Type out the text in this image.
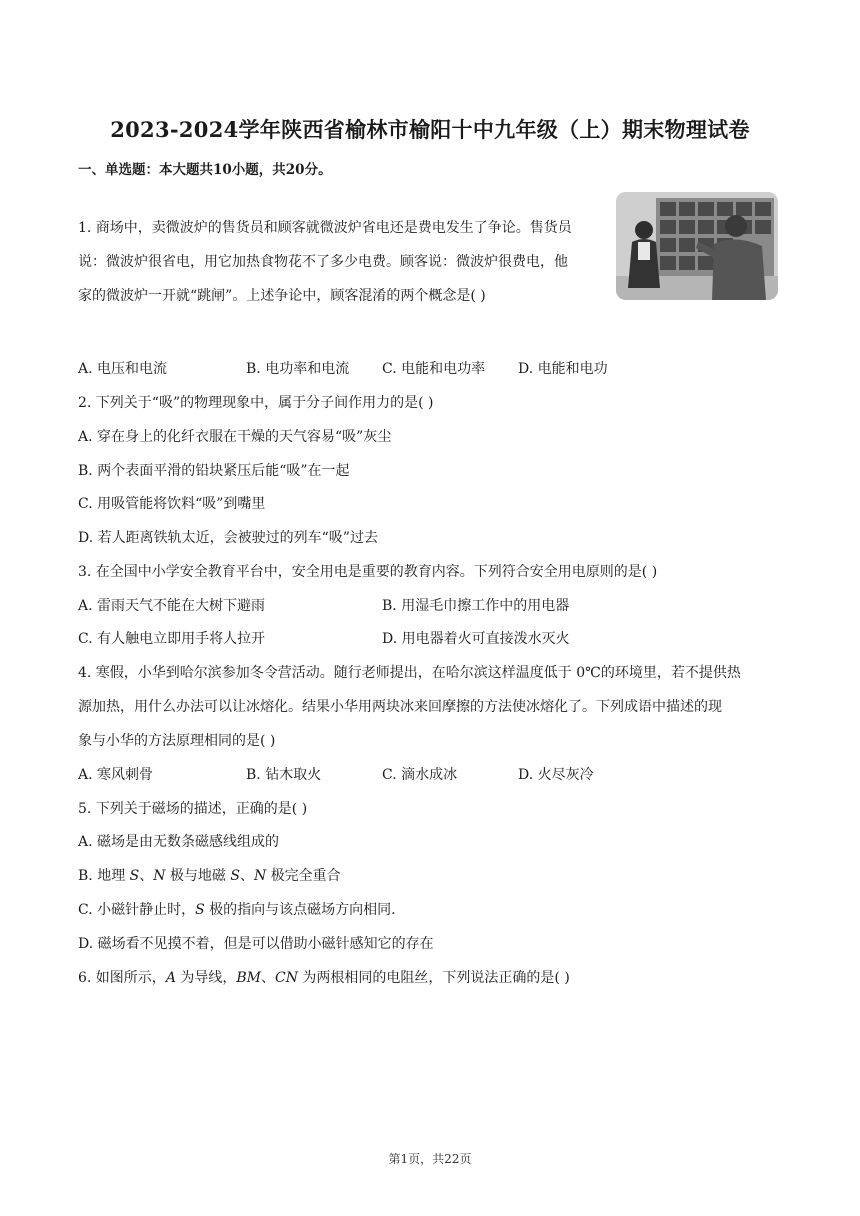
2023-2024学年陕西省榆林市榆阳十中九年级（上）期末物理试卷
一、单选题：本大题共10小题，共20分。
1. 商场中，卖微波炉的售货员和顾客就微波炉省电还是费电发生了争论。售货员
说：微波炉很省电，用它加热食物花不了多少电费。顾客说：微波炉很费电，他
家的微波炉一开就“跳闸”。上述争论中，顾客混淆的两个概念是( )
A. 电压和电流	B. 电功率和电流 C. 电能和电功率 D. 电能和电功
2. 下列关于“吸”的物理现象中，属于分子间作用力的是( )
A. 穿在身上的化纤衣服在干燥的天气容易“吸”灰尘
B. 两个表面平滑的铅块紧压后能“吸”在一起
C. 用吸管能将饮料“吸”到嘴里
D. 若人距离铁轨太近，会被驶过的列车“吸”过去
3. 在全国中小学安全教育平台中，安全用电是重要的教育内容。下列符合安全用电原则的是( )
A. 雷雨天气不能在大树下避雨	B. 用湿毛巾擦工作中的用电器
C. 有人触电立即用手将人拉开	D. 用电器着火可直接泼水灭火
4. 寒假，小华到哈尔滨参加冬令营活动。随行老师提出，在哈尔滨这样温度低于 0℃的环境里，若不提供热
源加热，用什么办法可以让冰熔化。结果小华用两块冰来回摩擦的方法使冰熔化了。下列成语中描述的现
象与小华的方法原理相同的是( )
A. 寒风刺骨	B. 钻木取火	C. 滴水成冰	D. 火尽灰冷
5. 下列关于磁场的描述，正确的是( )
A. 磁场是由无数条磁感线组成的
B. 地理 S、N 极与地磁 S、N 极完全重合
C. 小磁针静止时，S 极的指向与该点磁场方向相同.
D. 磁场看不见摸不着，但是可以借助小磁针感知它的存在
6. 如图所示，A 为导线，BM、CN 为两根相同的电阻丝，下列说法正确的是( )
第1页，共22页
